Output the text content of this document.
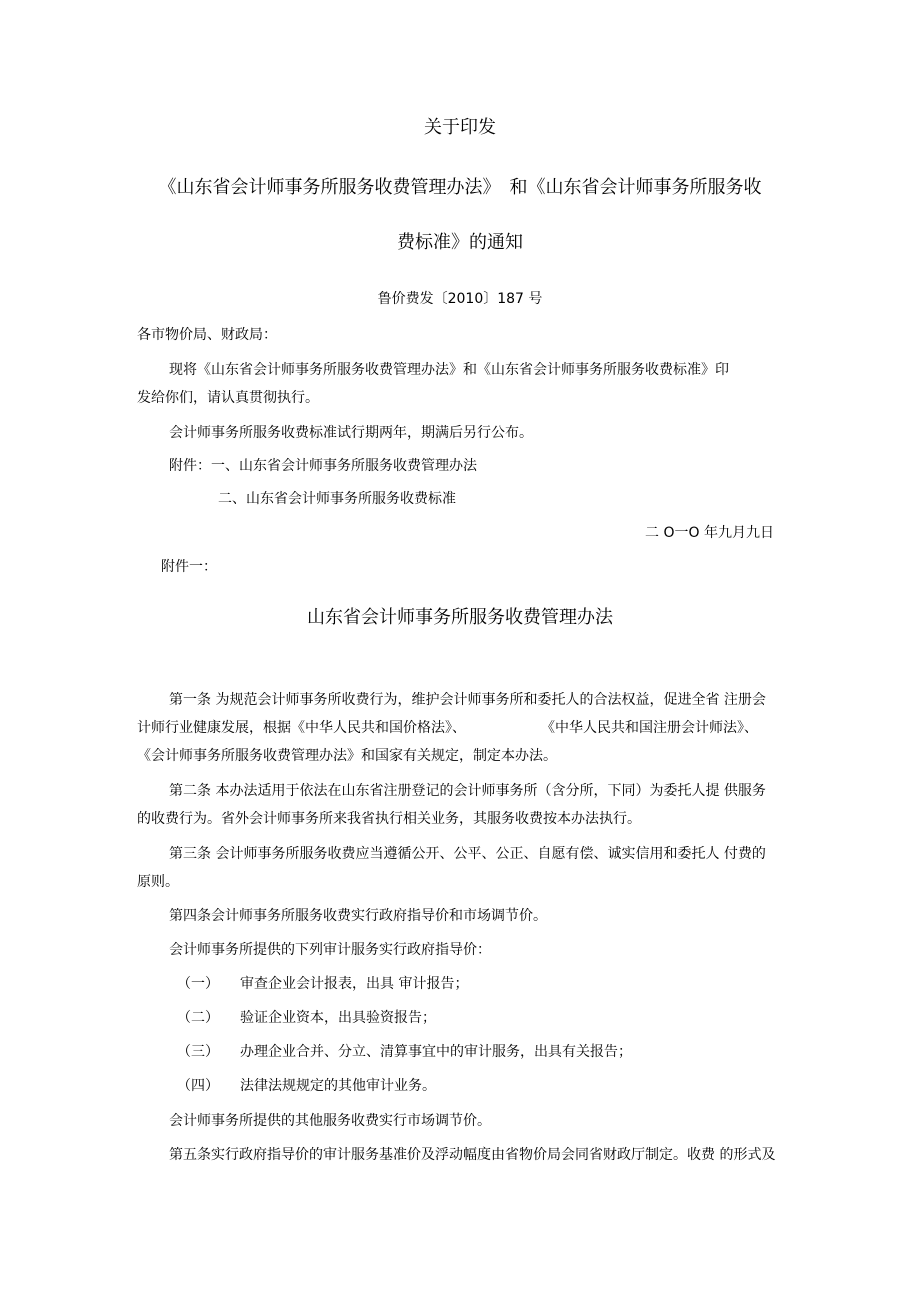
关于印发
《山东省会计师事务所服务收费管理办法》　和《山东省会计师事务所服务收
费标准》的通知
鲁价费发〔2010〕187 号
各市物价局、财政局：
现将《山东省会计师事务所服务收费管理办法》和《山东省会计师事务所服务收费标准》印
发给你们，请认真贯彻执行。
会计师事务所服务收费标准试行期两年，期满后另行公布。
附件：一、山东省会计师事务所服务收费管理办法
二、山东省会计师事务所服务收费标准
二 O一O 年九月九日
附件一：
山东省会计师事务所服务收费管理办法
第一条 为规范会计师事务所收费行为，维护会计师事务所和委托人的合法权益，促进全省 注册会
计师行业健康发展，根据《中华人民共和国价格法》、	《中华人民共和国注册会计师法》、
《会计师事务所服务收费管理办法》和国家有关规定，制定本办法。
第二条 本办法适用于依法在山东省注册登记的会计师事务所（含分所，下同）为委托人提 供服务
的收费行为。省外会计师事务所来我省执行相关业务，其服务收费按本办法执行。
第三条 会计师事务所服务收费应当遵循公开、公平、公正、自愿有偿、诚实信用和委托人 付费的
原则。
第四条会计师事务所服务收费实行政府指导价和市场调节价。
会计师事务所提供的下列审计服务实行政府指导价：
（一） 审查企业会计报表，出具 审计报告；
（二） 验证企业资本，出具验资报告；
（三） 办理企业合并、分立、清算事宜中的审计服务，出具有关报告；
（四） 法律法规规定的其他审计业务。
会计师事务所提供的其他服务收费实行市场调节价。
第五条实行政府指导价的审计服务基准价及浮动幅度由省物价局会同省财政厅制定。收费 的形式及
